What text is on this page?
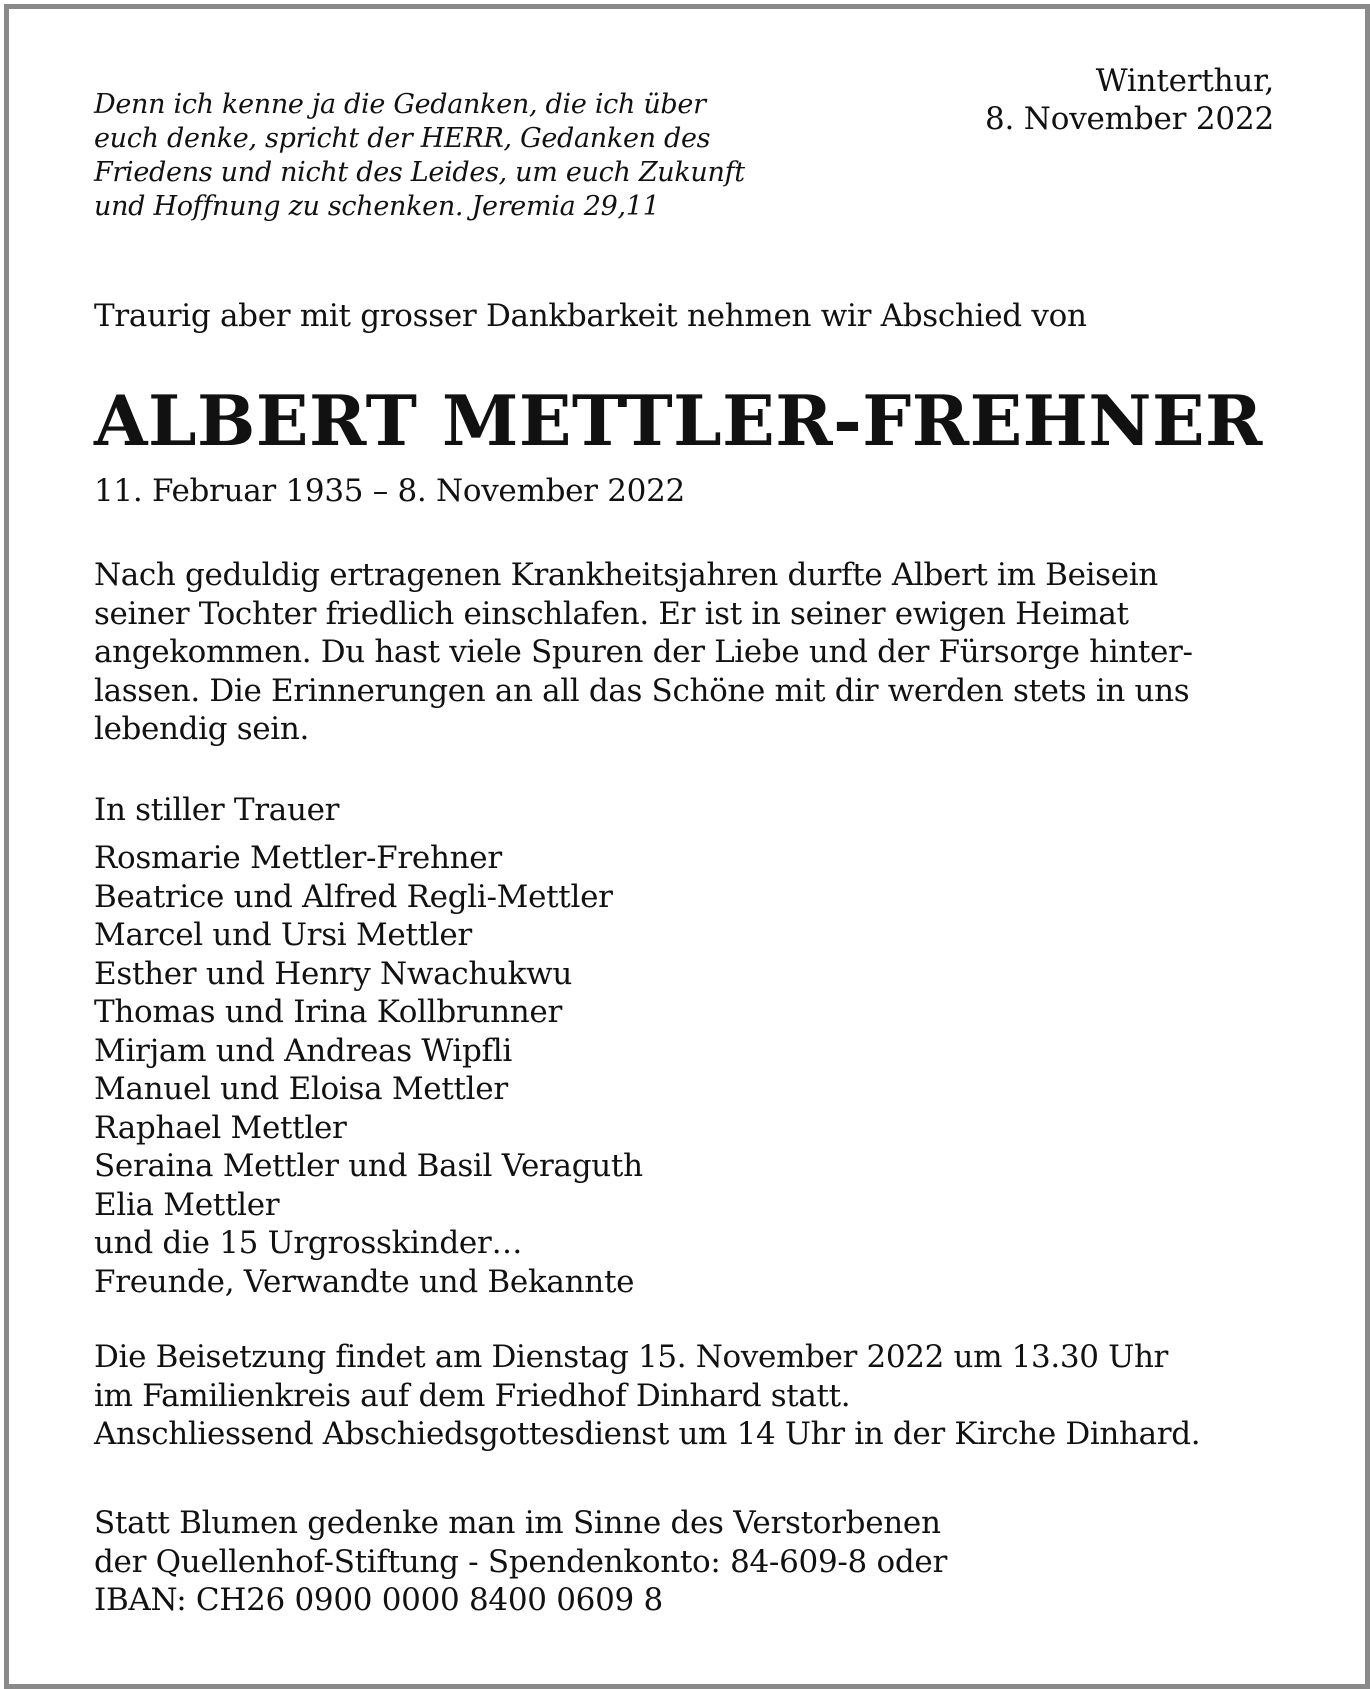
Denn ich kenne ja die Gedanken, die ich über
euch denke, spricht der HERR, Gedanken des
Friedens und nicht des Leides, um euch Zukunft
und Hoffnung zu schenken. Jeremia 29,11
Winterthur,
8. November 2022
Traurig aber mit grosser Dankbarkeit nehmen wir Abschied von
ALBERT METTLER-FREHNER
11. Februar 1935 – 8. November 2022
Nach geduldig ertragenen Krankheitsjahren durfte Albert im Beisein
seiner Tochter friedlich einschlafen. Er ist in seiner ewigen Heimat
angekommen. Du hast viele Spuren der Liebe und der Fürsorge hinter-
lassen. Die Erinnerungen an all das Schöne mit dir werden stets in uns
lebendig sein.
In stiller Trauer
Rosmarie Mettler-Frehner
Beatrice und Alfred Regli-Mettler
Marcel und Ursi Mettler
Esther und Henry Nwachukwu
Thomas und Irina Kollbrunner
Mirjam und Andreas Wipfli
Manuel und Eloisa Mettler
Raphael Mettler
Seraina Mettler und Basil Veraguth
Elia Mettler
und die 15 Urgrosskinder…
Freunde, Verwandte und Bekannte
Die Beisetzung findet am Dienstag 15. November 2022 um 13.30 Uhr
im Familienkreis auf dem Friedhof Dinhard statt.
Anschliessend Abschiedsgottesdienst um 14 Uhr in der Kirche Dinhard.
Statt Blumen gedenke man im Sinne des Verstorbenen
der Quellenhof-Stiftung - Spendenkonto: 84-609-8 oder
IBAN: CH26 0900 0000 8400 0609 8
